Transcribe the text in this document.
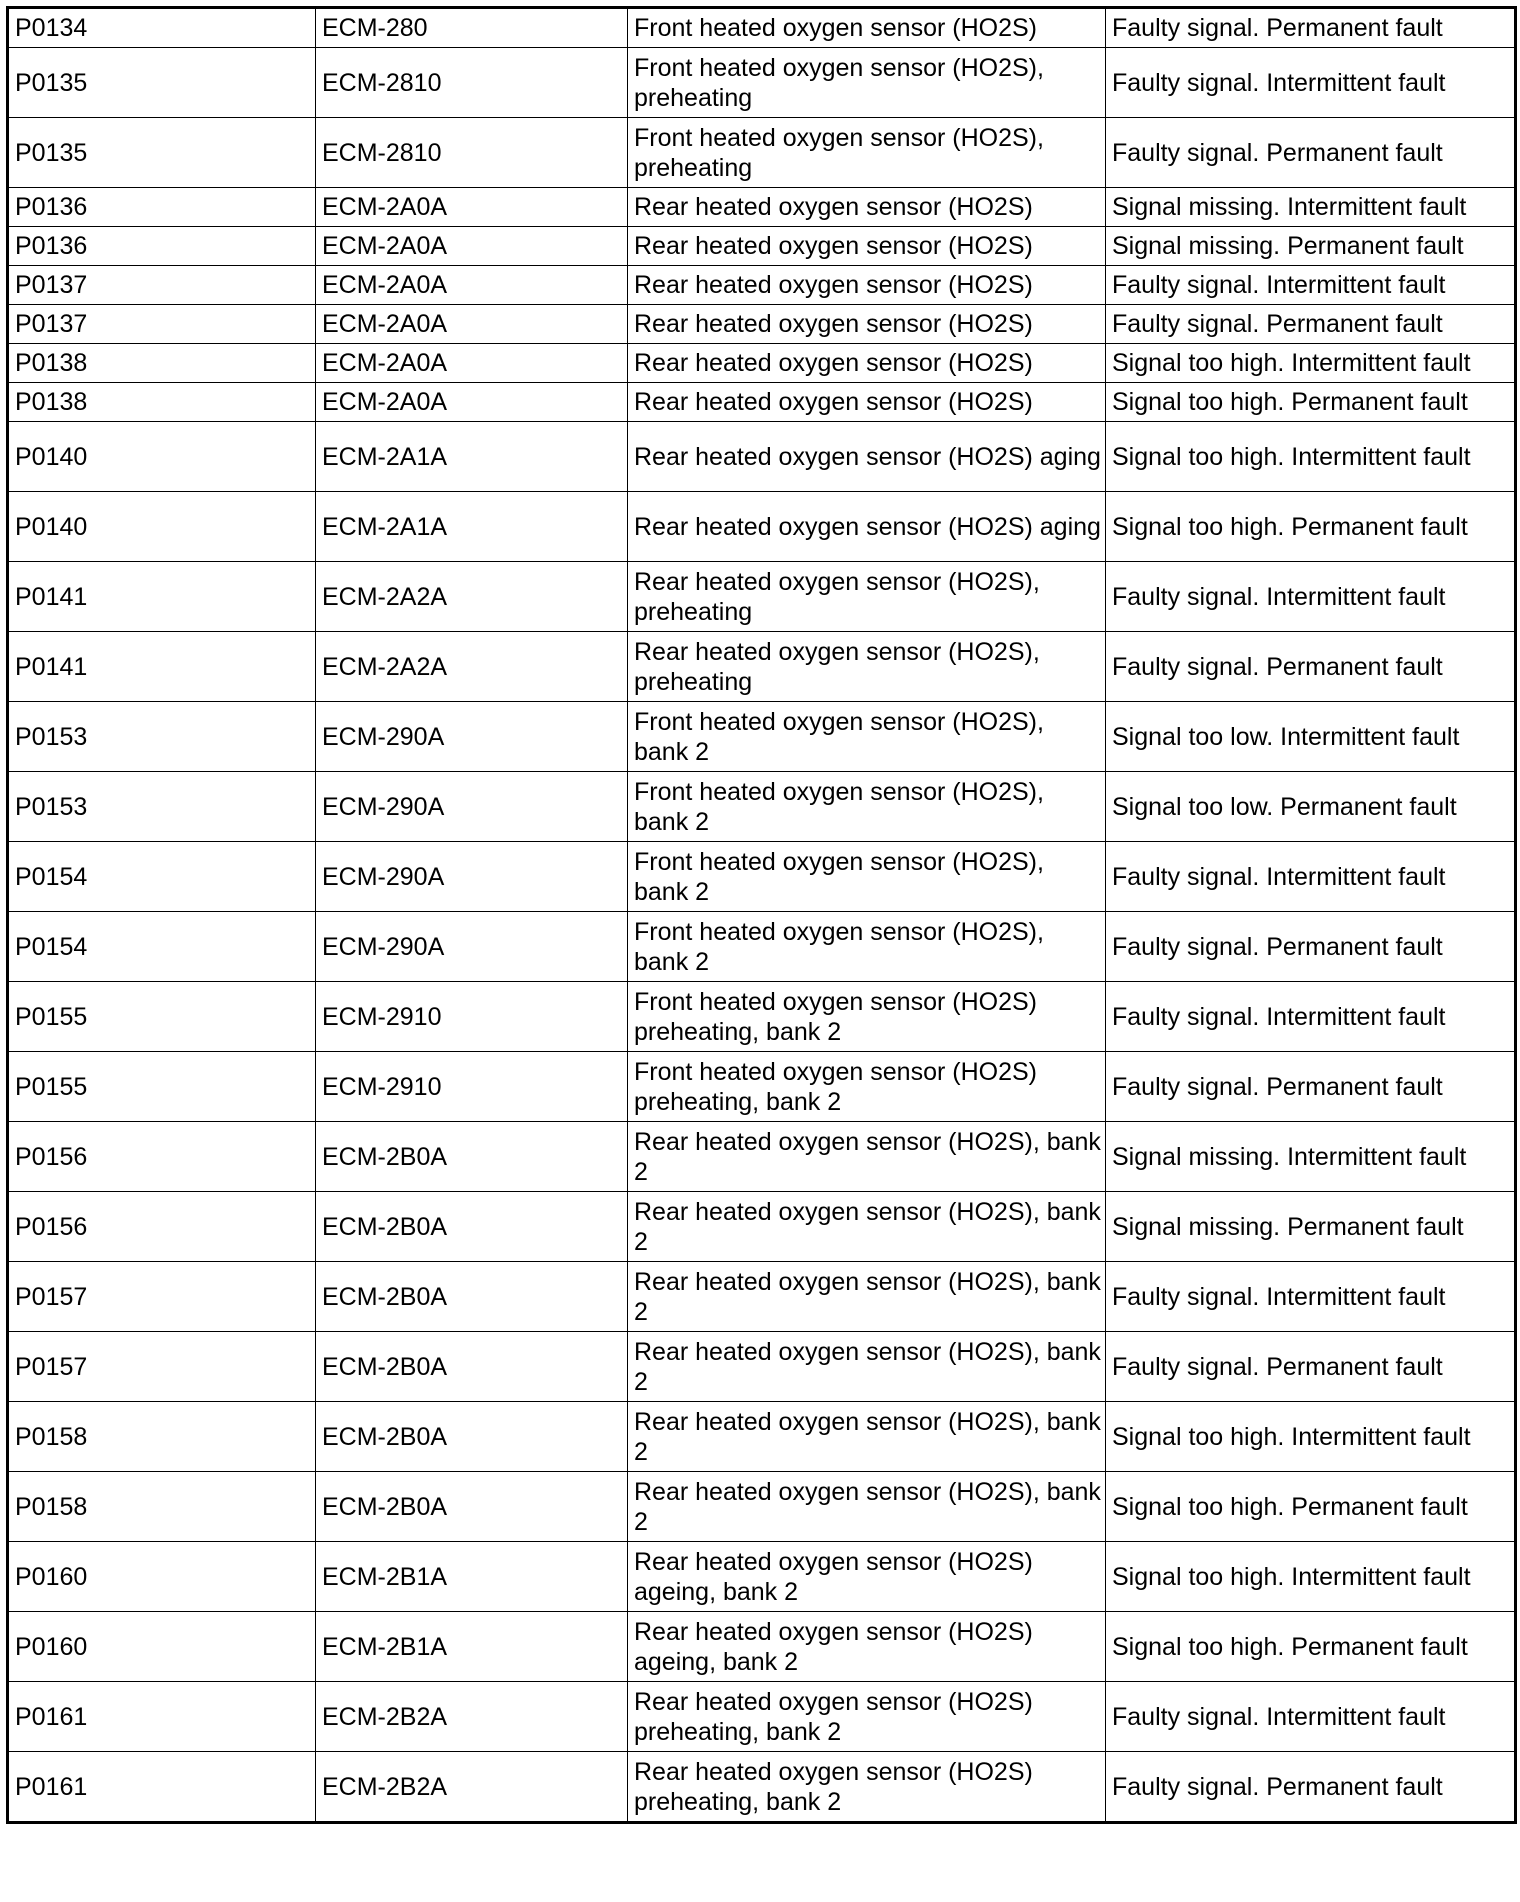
P0134	ECM-280	Front heated oxygen sensor (HO2S)	Faulty signal. Permanent fault
P0135	ECM-2810	Front heated oxygen sensor (HO2S), preheating	Faulty signal. Intermittent fault
P0135	ECM-2810	Front heated oxygen sensor (HO2S), preheating	Faulty signal. Permanent fault
P0136	ECM-2A0A	Rear heated oxygen sensor (HO2S)	Signal missing. Intermittent fault
P0136	ECM-2A0A	Rear heated oxygen sensor (HO2S)	Signal missing. Permanent fault
P0137	ECM-2A0A	Rear heated oxygen sensor (HO2S)	Faulty signal. Intermittent fault
P0137	ECM-2A0A	Rear heated oxygen sensor (HO2S)	Faulty signal. Permanent fault
P0138	ECM-2A0A	Rear heated oxygen sensor (HO2S)	Signal too high. Intermittent fault
P0138	ECM-2A0A	Rear heated oxygen sensor (HO2S)	Signal too high. Permanent fault
P0140	ECM-2A1A	Rear heated oxygen sensor (HO2S) aging	Signal too high. Intermittent fault
P0140	ECM-2A1A	Rear heated oxygen sensor (HO2S) aging	Signal too high. Permanent fault
P0141	ECM-2A2A	Rear heated oxygen sensor (HO2S), preheating	Faulty signal. Intermittent fault
P0141	ECM-2A2A	Rear heated oxygen sensor (HO2S), preheating	Faulty signal. Permanent fault
P0153	ECM-290A	Front heated oxygen sensor (HO2S), bank 2	Signal too low. Intermittent fault
P0153	ECM-290A	Front heated oxygen sensor (HO2S), bank 2	Signal too low. Permanent fault
P0154	ECM-290A	Front heated oxygen sensor (HO2S), bank 2	Faulty signal. Intermittent fault
P0154	ECM-290A	Front heated oxygen sensor (HO2S), bank 2	Faulty signal. Permanent fault
P0155	ECM-2910	Front heated oxygen sensor (HO2S) preheating, bank 2	Faulty signal. Intermittent fault
P0155	ECM-2910	Front heated oxygen sensor (HO2S) preheating, bank 2	Faulty signal. Permanent fault
P0156	ECM-2B0A	Rear heated oxygen sensor (HO2S), bank 2	Signal missing. Intermittent fault
P0156	ECM-2B0A	Rear heated oxygen sensor (HO2S), bank 2	Signal missing. Permanent fault
P0157	ECM-2B0A	Rear heated oxygen sensor (HO2S), bank 2	Faulty signal. Intermittent fault
P0157	ECM-2B0A	Rear heated oxygen sensor (HO2S), bank 2	Faulty signal. Permanent fault
P0158	ECM-2B0A	Rear heated oxygen sensor (HO2S), bank 2	Signal too high. Intermittent fault
P0158	ECM-2B0A	Rear heated oxygen sensor (HO2S), bank 2	Signal too high. Permanent fault
P0160	ECM-2B1A	Rear heated oxygen sensor (HO2S) ageing, bank 2	Signal too high. Intermittent fault
P0160	ECM-2B1A	Rear heated oxygen sensor (HO2S) ageing, bank 2	Signal too high. Permanent fault
P0161	ECM-2B2A	Rear heated oxygen sensor (HO2S) preheating, bank 2	Faulty signal. Intermittent fault
P0161	ECM-2B2A	Rear heated oxygen sensor (HO2S) preheating, bank 2	Faulty signal. Permanent fault
